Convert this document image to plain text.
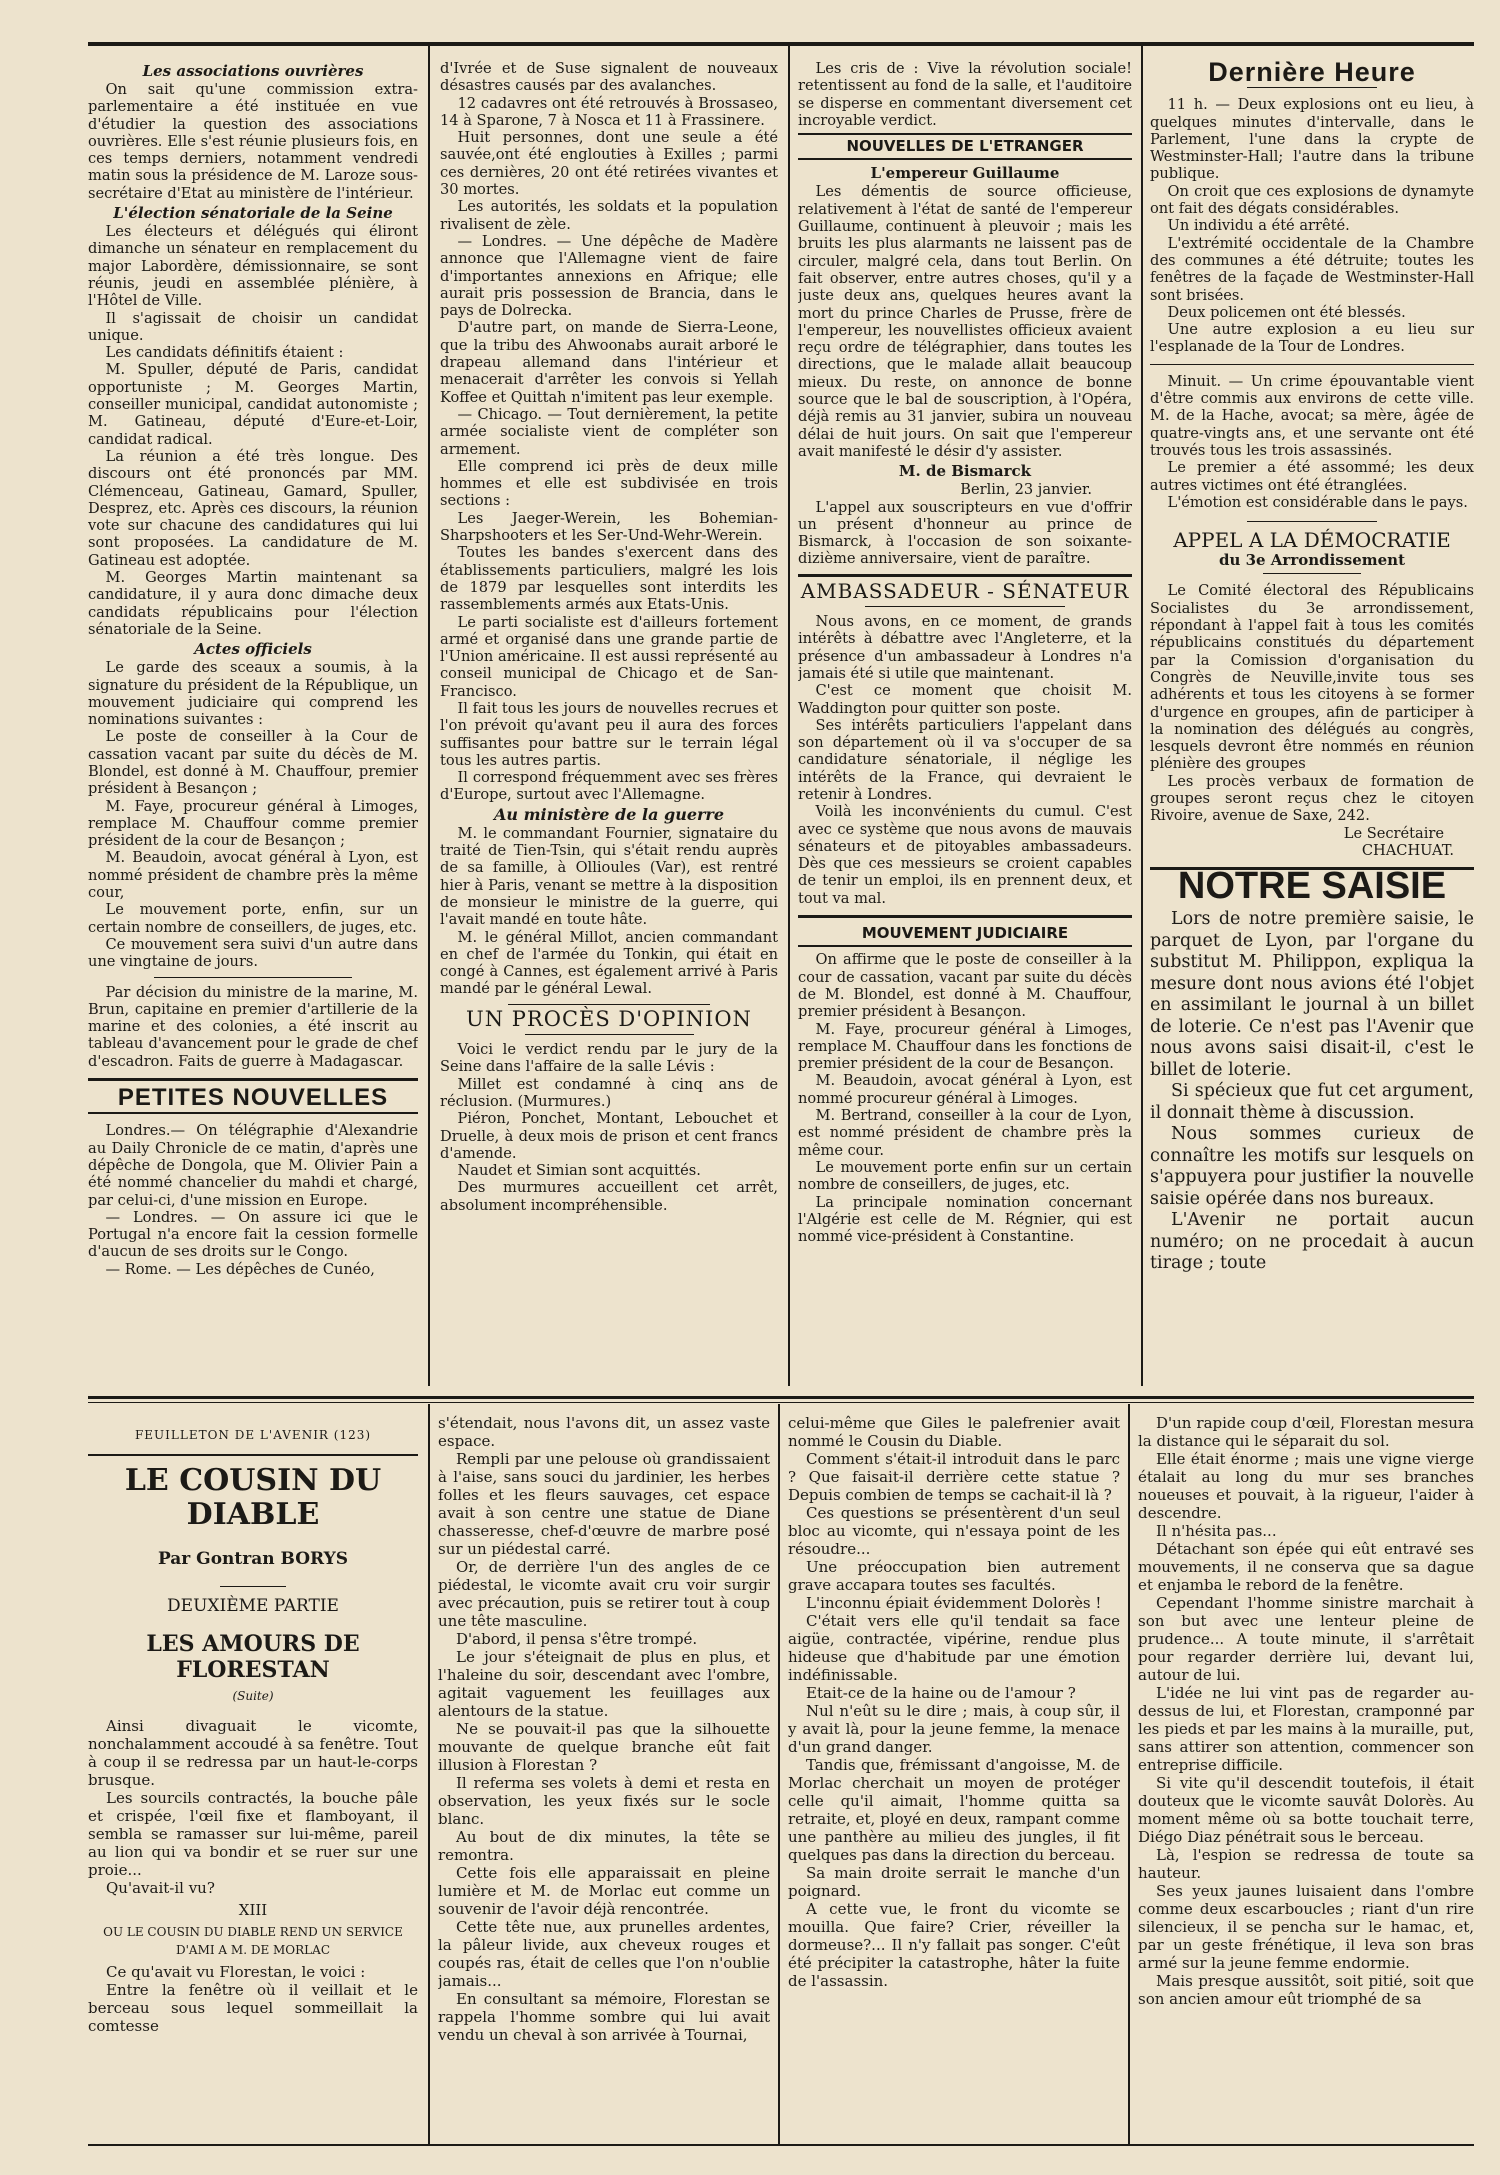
Les associations ouvrières

On sait qu'une commission extra-parlementaire a été instituée en vue d'étudier la question des associations ouvrières. Elle s'est réunie plusieurs fois, en ces temps derniers, notamment vendredi matin sous la présidence de M. Laroze sous-secrétaire d'Etat au ministère de l'intérieur.

L'élection sénatoriale de la Seine

Les électeurs et délégués qui éliront dimanche un sénateur en remplacement du major Labordère, démissionnaire, se sont réunis, jeudi en assemblée plénière, à l'Hôtel de Ville.

Il s'agissait de choisir un candidat unique.

Les candidats définitifs étaient :

M. Spuller, député de Paris, candidat opportuniste ; M. Georges Martin, conseiller municipal, candidat autonomiste ; M. Gatineau, député d'Eure-et-Loir, candidat radical.

La réunion a été très longue. Des discours ont été prononcés par MM. Clémenceau, Gatineau, Gamard, Spuller, Desprez, etc. Après ces discours, la réunion vote sur chacune des candidatures qui lui sont proposées. La candidature de M. Gatineau est adoptée.

M. Georges Martin maintenant sa candidature, il y aura donc dimache deux candidats républicains pour l'élection sénatoriale de la Seine.

Actes officiels

Le garde des sceaux a soumis, à la signature du président de la République, un mouvement judiciaire qui comprend les nominations suivantes :

Le poste de conseiller à la Cour de cassation vacant par suite du décès de M. Blondel, est donné à M. Chauffour, premier président à Besançon ;

M. Faye, procureur général à Limoges, remplace M. Chauffour comme premier président de la cour de Besançon ;

M. Beaudoin, avocat général à Lyon, est nommé président de chambre près la même cour,

Le mouvement porte, enfin, sur un certain nombre de conseillers, de juges, etc.

Ce mouvement sera suivi d'un autre dans une vingtaine de jours.

Par décision du ministre de la marine, M. Brun, capitaine en premier d'artillerie de la marine et des colonies, a été inscrit au tableau d'avancement pour le grade de chef d'escadron. Faits de guerre à Madagascar.

PETITES NOUVELLES

Londres.— On télégraphie d'Alexandrie au Daily Chronicle de ce matin, d'après une dépêche de Dongola, que M. Olivier Pain a été nommé chancelier du mahdi et chargé, par celui-ci, d'une mission en Europe.

— Londres. — On assure ici que le Portugal n'a encore fait la cession formelle d'aucun de ses droits sur le Congo.

— Rome. — Les dépêches de Cunéo,

d'Ivrée et de Suse signalent de nouveaux désastres causés par des avalanches.

12 cadavres ont été retrouvés à Brossaseo, 14 à Sparone, 7 à Nosca et 11 à Frassinere.

Huit personnes, dont une seule a été sauvée,ont été englouties à Exilles ; parmi ces dernières, 20 ont été retirées vivantes et 30 mortes.

Les autorités, les soldats et la population rivalisent de zèle.

— Londres. — Une dépêche de Madère annonce que l'Allemagne vient de faire d'importantes annexions en Afrique; elle aurait pris possession de Brancia, dans le pays de Dolrecka.

D'autre part, on mande de Sierra-Leone, que la tribu des Ahwoonabs aurait arboré le drapeau allemand dans l'intérieur et menacerait d'arrêter les convois si Yellah Koffee et Quittah n'imitent pas leur exemple.

— Chicago. — Tout dernièrement, la petite armée socialiste vient de compléter son armement.

Elle comprend ici près de deux mille hommes et elle est subdivisée en trois sections :

Les Jaeger-Werein, les Bohemian-Sharpshooters et les Ser-Und-Wehr-Werein.

Toutes les bandes s'exercent dans des établissements particuliers, malgré les lois de 1879 par lesquelles sont interdits les rassemblements armés aux Etats-Unis.

Le parti socialiste est d'ailleurs fortement armé et organisé dans une grande partie de l'Union américaine. Il est aussi représenté au conseil municipal de Chicago et de San-Francisco.

Il fait tous les jours de nouvelles recrues et l'on prévoit qu'avant peu il aura des forces suffisantes pour battre sur le terrain légal tous les autres partis.

Il correspond fréquemment avec ses frères d'Europe, surtout avec l'Allemagne.

Au ministère de la guerre

M. le commandant Fournier, signataire du traité de Tien-Tsin, qui s'était rendu auprès de sa famille, à Ollioules (Var), est rentré hier à Paris, venant se mettre à la disposition de monsieur le ministre de la guerre, qui l'avait mandé en toute hâte.

M. le général Millot, ancien commandant en chef de l'armée du Tonkin, qui était en congé à Cannes, est également arrivé à Paris mandé par le général Lewal.

UN PROCÈS D'OPINION

Voici le verdict rendu par le jury de la Seine dans l'affaire de la salle Lévis :

Millet est condamné à cinq ans de réclusion. (Murmures.)

Piéron, Ponchet, Montant, Lebouchet et Druelle, à deux mois de prison et cent francs d'amende.

Naudet et Simian sont acquittés.

Des murmures accueillent cet arrêt, absolument incompréhensible.

Les cris de : Vive la révolution sociale! retentissent au fond de la salle, et l'auditoire se disperse en commentant diversement cet incroyable verdict.

NOUVELLES DE L'ETRANGER
L'empereur Guillaume

Les démentis de source officieuse, relativement à l'état de santé de l'empereur Guillaume, continuent à pleuvoir ; mais les bruits les plus alarmants ne laissent pas de circuler, malgré cela, dans tout Berlin. On fait observer, entre autres choses, qu'il y a juste deux ans, quelques heures avant la mort du prince Charles de Prusse, frère de l'empereur, les nouvellistes officieux avaient reçu ordre de télégraphier, dans toutes les directions, que le malade allait beaucoup mieux. Du reste, on annonce de bonne source que le bal de souscription, à l'Opéra, déjà remis au 31 janvier, subira un nouveau délai de huit jours. On sait que l'empereur avait manifesté le désir d'y assister.

M. de Bismarck

Berlin, 23 janvier.

L'appel aux souscripteurs en vue d'offrir un présent d'honneur au prince de Bismarck, à l'occasion de son soixante-dizième anniversaire, vient de paraître.

AMBASSADEUR - SÉNATEUR

Nous avons, en ce moment, de grands intérêts à débattre avec l'Angleterre, et la présence d'un ambassadeur à Londres n'a jamais été si utile que maintenant.

C'est ce moment que choisit M. Waddington pour quitter son poste.

Ses intérêts particuliers l'appelant dans son département où il va s'occuper de sa candidature sénatoriale, il néglige les intérêts de la France, qui devraient le retenir à Londres.

Voilà les inconvénients du cumul. C'est avec ce système que nous avons de mauvais sénateurs et de pitoyables ambassadeurs. Dès que ces messieurs se croient capables de tenir un emploi, ils en prennent deux, et tout va mal.

MOUVEMENT JUDICIAIRE

On affirme que le poste de conseiller à la cour de cassation, vacant par suite du décès de M. Blondel, est donné à M. Chauffour, premier président à Besançon.

M. Faye, procureur général à Limoges, remplace M. Chauffour dans les fonctions de premier président de la cour de Besançon.

M. Beaudoin, avocat général à Lyon, est nommé procureur général à Limoges.

M. Bertrand, conseiller à la cour de Lyon, est nommé président de chambre près la même cour.

Le mouvement porte enfin sur un certain nombre de conseillers, de juges, etc.

La principale nomination concernant l'Algérie est celle de M. Régnier, qui est nommé vice-président à Constantine.

Dernière Heure

11 h. — Deux explosions ont eu lieu, à quelques minutes d'intervalle, dans le Parlement, l'une dans la crypte de Westminster-Hall; l'autre dans la tribune publique.

On croit que ces explosions de dynamyte ont fait des dégats considérables.

Un individu a été arrêté.

L'extrémité occidentale de la Chambre des communes a été détruite; toutes les fenêtres de la façade de Westminster-Hall sont brisées.

Deux policemen ont été blessés.

Une autre explosion a eu lieu sur l'esplanade de la Tour de Londres.

Minuit. — Un crime épouvantable vient d'être commis aux environs de cette ville. M. de la Hache, avocat; sa mère, âgée de quatre-vingts ans, et une servante ont été trouvés tous les trois assassinés.

Le premier a été assommé; les deux autres victimes ont été étranglées.

L'émotion est considérable dans le pays.

APPEL A LA DÉMOCRATIE
du 3e Arrondissement

Le Comité électoral des Républicains Socialistes du 3e arrondissement, répondant à l'appel fait à tous les comités républicains constitués du département par la Comission d'organisation du Congrès de Neuville,invite tous ses adhérents et tous les citoyens à se former d'urgence en groupes, afin de participer à la nomination des délégués au congrès, lesquels devront être nommés en réunion plénière des groupes

Les procès verbaux de formation de groupes seront reçus chez le citoyen Rivoire, avenue de Saxe, 242.

Le Secrétaire

CHACHUAT.

NOTRE SAISIE

Lors de notre première saisie, le parquet de Lyon, par l'organe du substitut M. Philippon, expliqua la mesure dont nous avions été l'objet en assimilant le journal à un billet de loterie. Ce n'est pas l'Avenir que nous avons saisi disait-il, c'est le billet de loterie.

Si spécieux que fut cet argument, il donnait thème à discussion.

Nous sommes curieux de connaître les motifs sur lesquels on s'appuyera pour justifier la nouvelle saisie opérée dans nos bureaux.

L'Avenir ne portait aucun numéro; on ne procedait à aucun tirage ; toute

FEUILLETON DE L'AVENIR (123)

LE COUSIN DU DIABLE

Par Gontran BORYS

DEUXIÈME PARTIE

LES AMOURS DE FLORESTAN

(Suite)

Ainsi divaguait le vicomte, nonchalamment accoudé à sa fenêtre. Tout à coup il se redressa par un haut-le-corps brusque.

Les sourcils contractés, la bouche pâle et crispée, l'œil fixe et flamboyant, il sembla se ramasser sur lui-même, pareil au lion qui va bondir et se ruer sur une proie...

Qu'avait-il vu?

XIII

OU LE COUSIN DU DIABLE REND UN SERVICE D'AMI A M. DE MORLAC

Ce qu'avait vu Florestan, le voici :

Entre la fenêtre où il veillait et le berceau sous lequel sommeillait la comtesse

s'étendait, nous l'avons dit, un assez vaste espace.

Rempli par une pelouse où grandissaient à l'aise, sans souci du jardinier, les herbes folles et les fleurs sauvages, cet espace avait à son centre une statue de Diane chasseresse, chef-d'œuvre de marbre posé sur un piédestal carré.

Or, de derrière l'un des angles de ce piédestal, le vicomte avait cru voir surgir avec précaution, puis se retirer tout à coup une tête masculine.

D'abord, il pensa s'être trompé.

Le jour s'éteignait de plus en plus, et l'haleine du soir, descendant avec l'ombre, agitait vaguement les feuillages aux alentours de la statue.

Ne se pouvait-il pas que la silhouette mouvante de quelque branche eût fait illusion à Florestan ?

Il referma ses volets à demi et resta en observation, les yeux fixés sur le socle blanc.

Au bout de dix minutes, la tête se remontra.

Cette fois elle apparaissait en pleine lumière et M. de Morlac eut comme un souvenir de l'avoir déjà rencontrée.

Cette tête nue, aux prunelles ardentes, la pâleur livide, aux cheveux rouges et coupés ras, était de celles que l'on n'oublie jamais...

En consultant sa mémoire, Florestan se rappela l'homme sombre qui lui avait vendu un cheval à son arrivée à Tournai,

celui-même que Giles le palefrenier avait nommé le Cousin du Diable.

Comment s'était-il introduit dans le parc ? Que faisait-il derrière cette statue ? Depuis combien de temps se cachait-il là ?

Ces questions se présentèrent d'un seul bloc au vicomte, qui n'essaya point de les résoudre...

Une préoccupation bien autrement grave accapara toutes ses facultés.

L'inconnu épiait évidemment Dolorès !

C'était vers elle qu'il tendait sa face aigüe, contractée, vipérine, rendue plus hideuse que d'habitude par une émotion indéfinissable.

Etait-ce de la haine ou de l'amour ?

Nul n'eût su le dire ; mais, à coup sûr, il y avait là, pour la jeune femme, la menace d'un grand danger.

Tandis que, frémissant d'angoisse, M. de Morlac cherchait un moyen de protéger celle qu'il aimait, l'homme quitta sa retraite, et, ployé en deux, rampant comme une panthère au milieu des jungles, il fit quelques pas dans la direction du berceau.

Sa main droite serrait le manche d'un poignard.

A cette vue, le front du vicomte se mouilla. Que faire? Crier, réveiller la dormeuse?... Il n'y fallait pas songer. C'eût été précipiter la catastrophe, hâter la fuite de l'assassin.

D'un rapide coup d'œil, Florestan mesura la distance qui le séparait du sol.

Elle était énorme ; mais une vigne vierge étalait au long du mur ses branches noueuses et pouvait, à la rigueur, l'aider à descendre.

Il n'hésita pas...

Détachant son épée qui eût entravé ses mouvements, il ne conserva que sa dague et enjamba le rebord de la fenêtre.

Cependant l'homme sinistre marchait à son but avec une lenteur pleine de prudence... A toute minute, il s'arrêtait pour regarder derrière lui, devant lui, autour de lui.

L'idée ne lui vint pas de regarder au-dessus de lui, et Florestan, cramponné par les pieds et par les mains à la muraille, put, sans attirer son attention, commencer son entreprise difficile.

Si vite qu'il descendit toutefois, il était douteux que le vicomte sauvât Dolorès. Au moment même où sa botte touchait terre, Diégo Diaz pénétrait sous le berceau.

Là, l'espion se redressa de toute sa hauteur.

Ses yeux jaunes luisaient dans l'ombre comme deux escarboucles ; riant d'un rire silencieux, il se pencha sur le hamac, et, par un geste frénétique, il leva son bras armé sur la jeune femme endormie.

Mais presque aussitôt, soit pitié, soit que son ancien amour eût triomphé de sa
